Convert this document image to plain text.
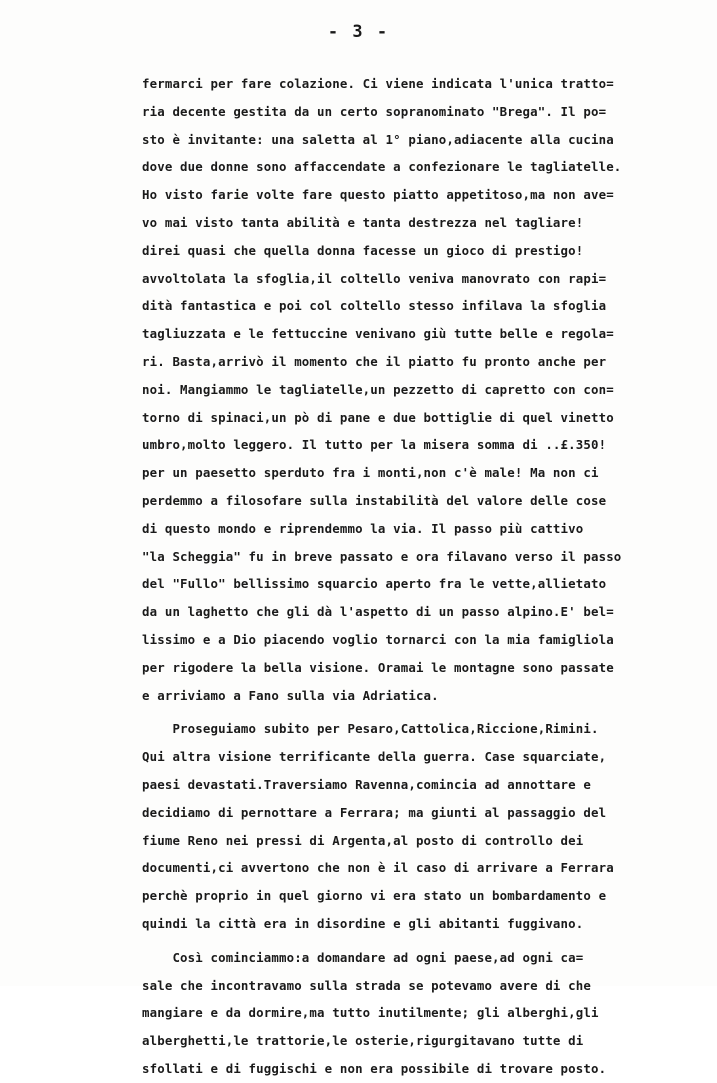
- 3 -
fermarci per fare colazione. Ci viene indicata l'unica tratto=
ria decente gestita da un certo sopranominato "Brega". Il po=
sto è invitante: una saletta al 1° piano,adiacente alla cucina
dove due donne sono affaccendate a confezionare le tagliatelle.
Ho visto farie volte fare questo piatto appetitoso,ma non ave=
vo mai visto tanta abilità e tanta destrezza nel tagliare!
direi quasi che quella donna facesse un gioco di prestigo!
avvoltolata la sfoglia,il coltello veniva manovrato con rapi=
dità fantastica e poi col coltello stesso infilava la sfoglia
tagliuzzata e le fettuccine venivano giù tutte belle e regola=
ri. Basta,arrivò il momento che il piatto fu pronto anche per
noi. Mangiammo le tagliatelle,un pezzetto di capretto con con=
torno di spinaci,un pò di pane e due bottiglie di quel vinetto
umbro,molto leggero. Il tutto per la misera somma di ..£.350!
per un paesetto sperduto fra i monti,non c'è male! Ma non ci
perdemmo a filosofare sulla instabilità del valore delle cose
di questo mondo e riprendemmo la via. Il passo più cattivo
"la Scheggia" fu in breve passato e ora filavano verso il passo
del "Fullo" bellissimo squarcio aperto fra le vette,allietato
da un laghetto che gli dà l'aspetto di un passo alpino.E' bel=
lissimo e a Dio piacendo voglio tornarci con la mia famigliola
per rigodere la bella visione. Oramai le montagne sono passate
e arriviamo a Fano sulla via Adriatica.
Proseguiamo subito per Pesaro,Cattolica,Riccione,Rimini.
Qui altra visione terrificante della guerra. Case squarciate,
paesi devastati.Traversiamo Ravenna,comincia ad annottare e
decidiamo di pernottare a Ferrara; ma giunti al passaggio del
fiume Reno nei pressi di Argenta,al posto di controllo dei
documenti,ci avvertono che non è il caso di arrivare a Ferrara
perchè proprio in quel giorno vi era stato un bombardamento e
quindi la città era in disordine e gli abitanti fuggivano.
Così cominciammo:a domandare ad ogni paese,ad ogni ca=
sale che incontravamo sulla strada se potevamo avere di che
mangiare e da dormire,ma tutto inutilmente; gli alberghi,gli
alberghetti,le trattorie,le osterie,rigurgitavano tutte di
sfollati e di fuggischi e non era possibile di trovare posto.
